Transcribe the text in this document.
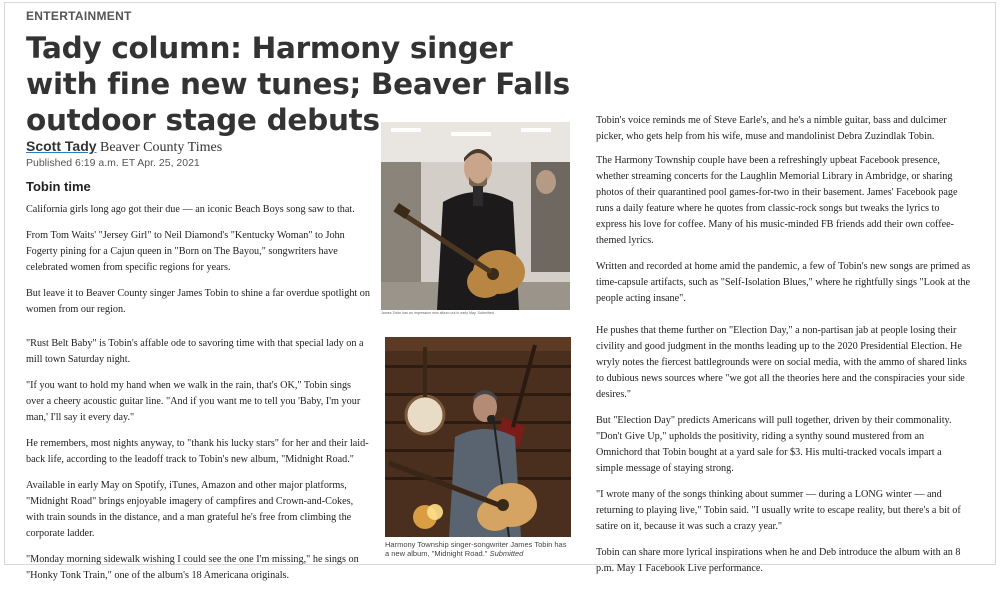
ENTERTAINMENT
Tady column: Harmony singer with fine new tunes; Beaver Falls outdoor stage debuts
Scott Tady Beaver County Times
Published 6:19 a.m. ET Apr. 25, 2021
Tobin time

California girls long ago got their due — an iconic Beach Boys song saw to that.

From Tom Waits' "Jersey Girl" to Neil Diamond's "Kentucky Woman" to John Fogerty pining for a Cajun queen in "Born on The Bayou," songwriters have celebrated women from specific regions for years.

But leave it to Beaver County singer James Tobin to shine a far overdue spotlight on women from our region.

"Rust Belt Baby" is Tobin's affable ode to savoring time with that special lady on a mill town Saturday night.

"If you want to hold my hand when we walk in the rain, that's OK," Tobin sings over a cheery acoustic guitar line. "And if you want me to tell you 'Baby, I'm your man,' I'll say it every day."

He remembers, most nights anyway, to "thank his lucky stars" for her and their laid-back life, according to the leadoff track to Tobin's new album, "Midnight Road."

Available in early May on Spotify, iTunes, Amazon and other major platforms, "Midnight Road" brings enjoyable imagery of campfires and Crown-and-Cokes, with train sounds in the distance, and a man grateful he's free from climbing the corporate ladder.

"Monday morning sidewalk wishing I could see the one I'm missing," he sings on "Honky Tonk Train," one of the album's 18 Americana originals.

James Tobin has an impressive new album out in early May. Submitted
Harmony Township singer-songwriter James Tobin has a new album, "Midnight Road." Submitted

Tobin's voice reminds me of Steve Earle's, and he's a nimble guitar, bass and dulcimer picker, who gets help from his wife, muse and mandolinist Debra Zuzindlak Tobin.

The Harmony Township couple have been a refreshingly upbeat Facebook presence, whether streaming concerts for the Laughlin Memorial Library in Ambridge, or sharing photos of their quarantined pool games-for-two in their basement. James' Facebook page runs a daily feature where he quotes from classic-rock songs but tweaks the lyrics to express his love for coffee. Many of his music-minded FB friends add their own coffee-themed lyrics.

Written and recorded at home amid the pandemic, a few of Tobin's new songs are primed as time-capsule artifacts, such as "Self-Isolation Blues," where he rightfully sings "Look at the people acting insane".

He pushes that theme further on "Election Day," a non-partisan jab at people losing their civility and good judgment in the months leading up to the 2020 Presidential Election. He wryly notes the fiercest battlegrounds were on social media, with the ammo of shared links to dubious news sources where "we got all the theories here and the conspiracies your side desires."

But "Election Day" predicts Americans will pull together, driven by their commonality. "Don't Give Up," upholds the positivity, riding a synthy sound mustered from an Omnichord that Tobin bought at a yard sale for $3. His multi-tracked vocals impart a simple message of staying strong.

"I wrote many of the songs thinking about summer — during a LONG winter — and returning to playing live," Tobin said. "I usually write to escape reality, but there's a bit of satire on it, because it was such a crazy year."

Tobin can share more lyrical inspirations when he and Deb introduce the album with an 8 p.m. May 1 Facebook Live performance.
